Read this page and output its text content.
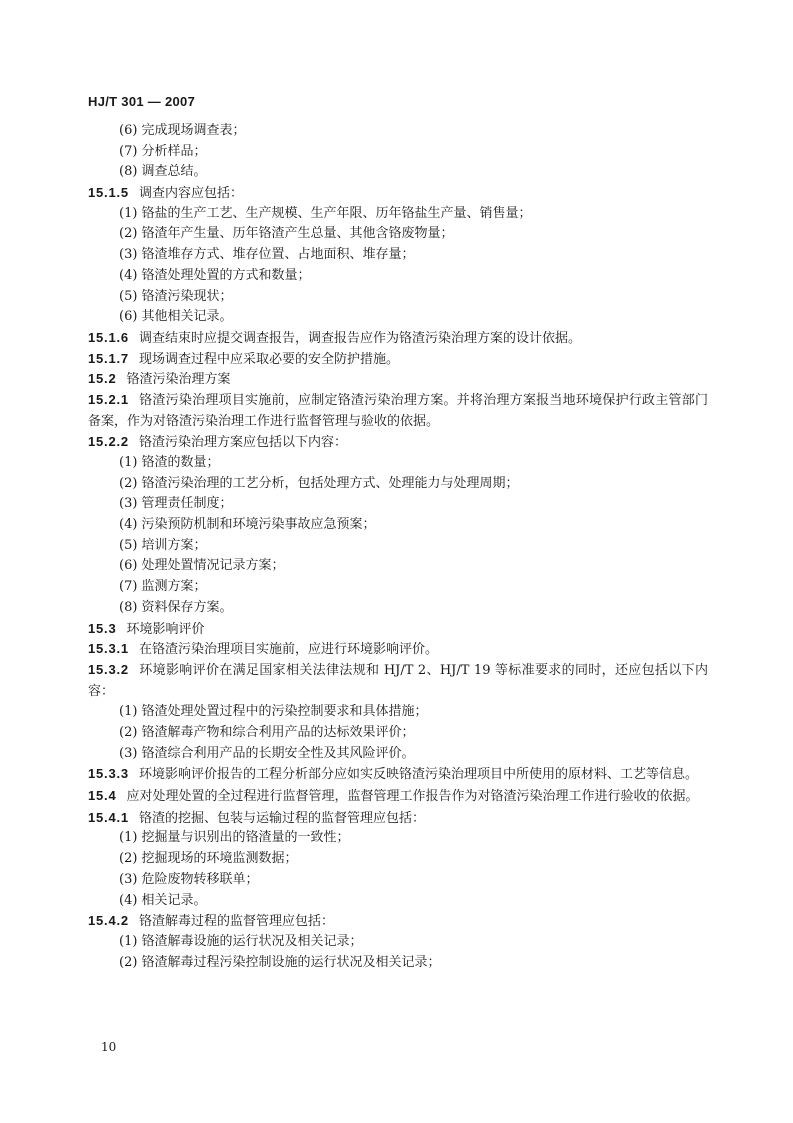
HJ/T 301 — 2007
(6) 完成现场调查表；
(7) 分析样品；
(8) 调查总结。
15.1.5 调查内容应包括：
(1) 铬盐的生产工艺、生产规模、生产年限、历年铬盐生产量、销售量；
(2) 铬渣年产生量、历年铬渣产生总量、其他含铬废物量；
(3) 铬渣堆存方式、堆存位置、占地面积、堆存量；
(4) 铬渣处理处置的方式和数量；
(5) 铬渣污染现状；
(6) 其他相关记录。
15.1.6 调查结束时应提交调查报告，调查报告应作为铬渣污染治理方案的设计依据。
15.1.7 现场调查过程中应采取必要的安全防护措施。
15.2 铬渣污染治理方案
15.2.1 铬渣污染治理项目实施前，应制定铬渣污染治理方案。并将治理方案报当地环境保护行政主管部门备案，作为对铬渣污染治理工作进行监督管理与验收的依据。
15.2.2 铬渣污染治理方案应包括以下内容：
(1) 铬渣的数量；
(2) 铬渣污染治理的工艺分析，包括处理方式、处理能力与处理周期；
(3) 管理责任制度；
(4) 污染预防机制和环境污染事故应急预案；
(5) 培训方案；
(6) 处理处置情况记录方案；
(7) 监测方案；
(8) 资料保存方案。
15.3 环境影响评价
15.3.1 在铬渣污染治理项目实施前，应进行环境影响评价。
15.3.2 环境影响评价在满足国家相关法律法规和 HJ/T 2、HJ/T 19 等标准要求的同时，还应包括以下内容：
(1) 铬渣处理处置过程中的污染控制要求和具体措施；
(2) 铬渣解毒产物和综合利用产品的达标效果评价；
(3) 铬渣综合利用产品的长期安全性及其风险评价。
15.3.3 环境影响评价报告的工程分析部分应如实反映铬渣污染治理项目中所使用的原材料、工艺等信息。
15.4 应对处理处置的全过程进行监督管理，监督管理工作报告作为对铬渣污染治理工作进行验收的依据。
15.4.1 铬渣的挖掘、包装与运输过程的监督管理应包括：
(1) 挖掘量与识别出的铬渣量的一致性；
(2) 挖掘现场的环境监测数据；
(3) 危险废物转移联单；
(4) 相关记录。
15.4.2 铬渣解毒过程的监督管理应包括：
(1) 铬渣解毒设施的运行状况及相关记录；
(2) 铬渣解毒过程污染控制设施的运行状况及相关记录；
10
